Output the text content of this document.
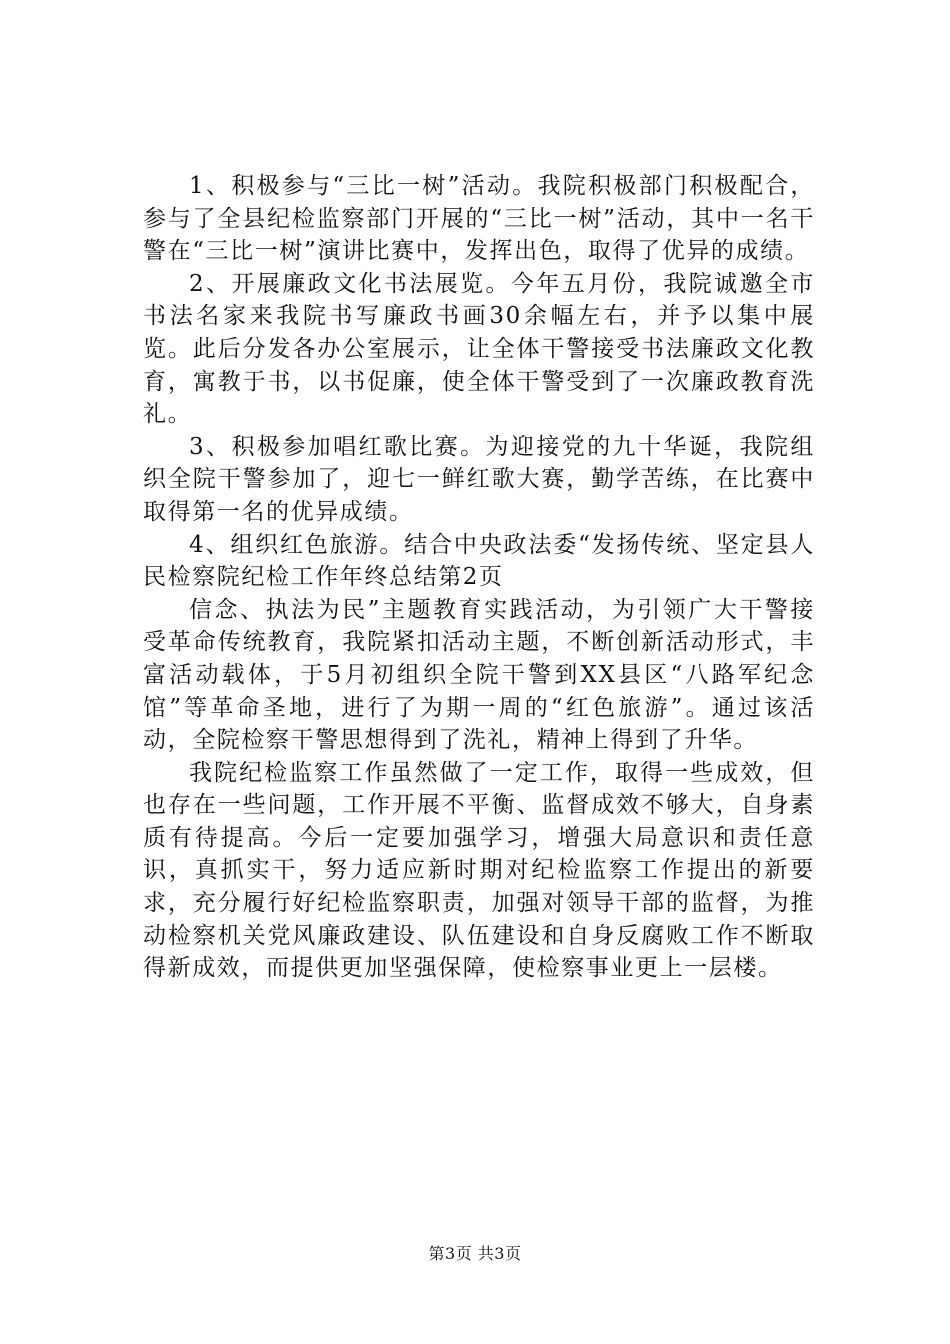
1、积极参与“三比一树”活动。我院积极部门积极配合，参与了全县纪检监察部门开展的“三比一树”活动，其中一名干警在“三比一树”演讲比赛中，发挥出色，取得了优异的成绩。

2、开展廉政文化书法展览。今年五月份，我院诚邀全市书法名家来我院书写廉政书画30余幅左右，并予以集中展览。此后分发各办公室展示，让全体干警接受书法廉政文化教育，寓教于书，以书促廉，使全体干警受到了一次廉政教育洗礼。

3、积极参加唱红歌比赛。为迎接党的九十华诞，我院组织全院干警参加了，迎七一鲜红歌大赛，勤学苦练，在比赛中取得第一名的优异成绩。

4、组织红色旅游。结合中央政法委“发扬传统、坚定县人民检察院纪检工作年终总结第2页

信念、执法为民”主题教育实践活动，为引领广大干警接受革命传统教育，我院紧扣活动主题，不断创新活动形式，丰富活动载体，于5月初组织全院干警到XX县区“八路军纪念馆”等革命圣地，进行了为期一周的“红色旅游”。通过该活动，全院检察干警思想得到了洗礼，精神上得到了升华。

我院纪检监察工作虽然做了一定工作，取得一些成效，但也存在一些问题，工作开展不平衡、监督成效不够大，自身素质有待提高。今后一定要加强学习，增强大局意识和责任意识，真抓实干，努力适应新时期对纪检监察工作提出的新要求，充分履行好纪检监察职责，加强对领导干部的监督，为推动检察机关党风廉政建设、队伍建设和自身反腐败工作不断取得新成效，而提供更加坚强保障，使检察事业更上一层楼。

第3页 共3页
